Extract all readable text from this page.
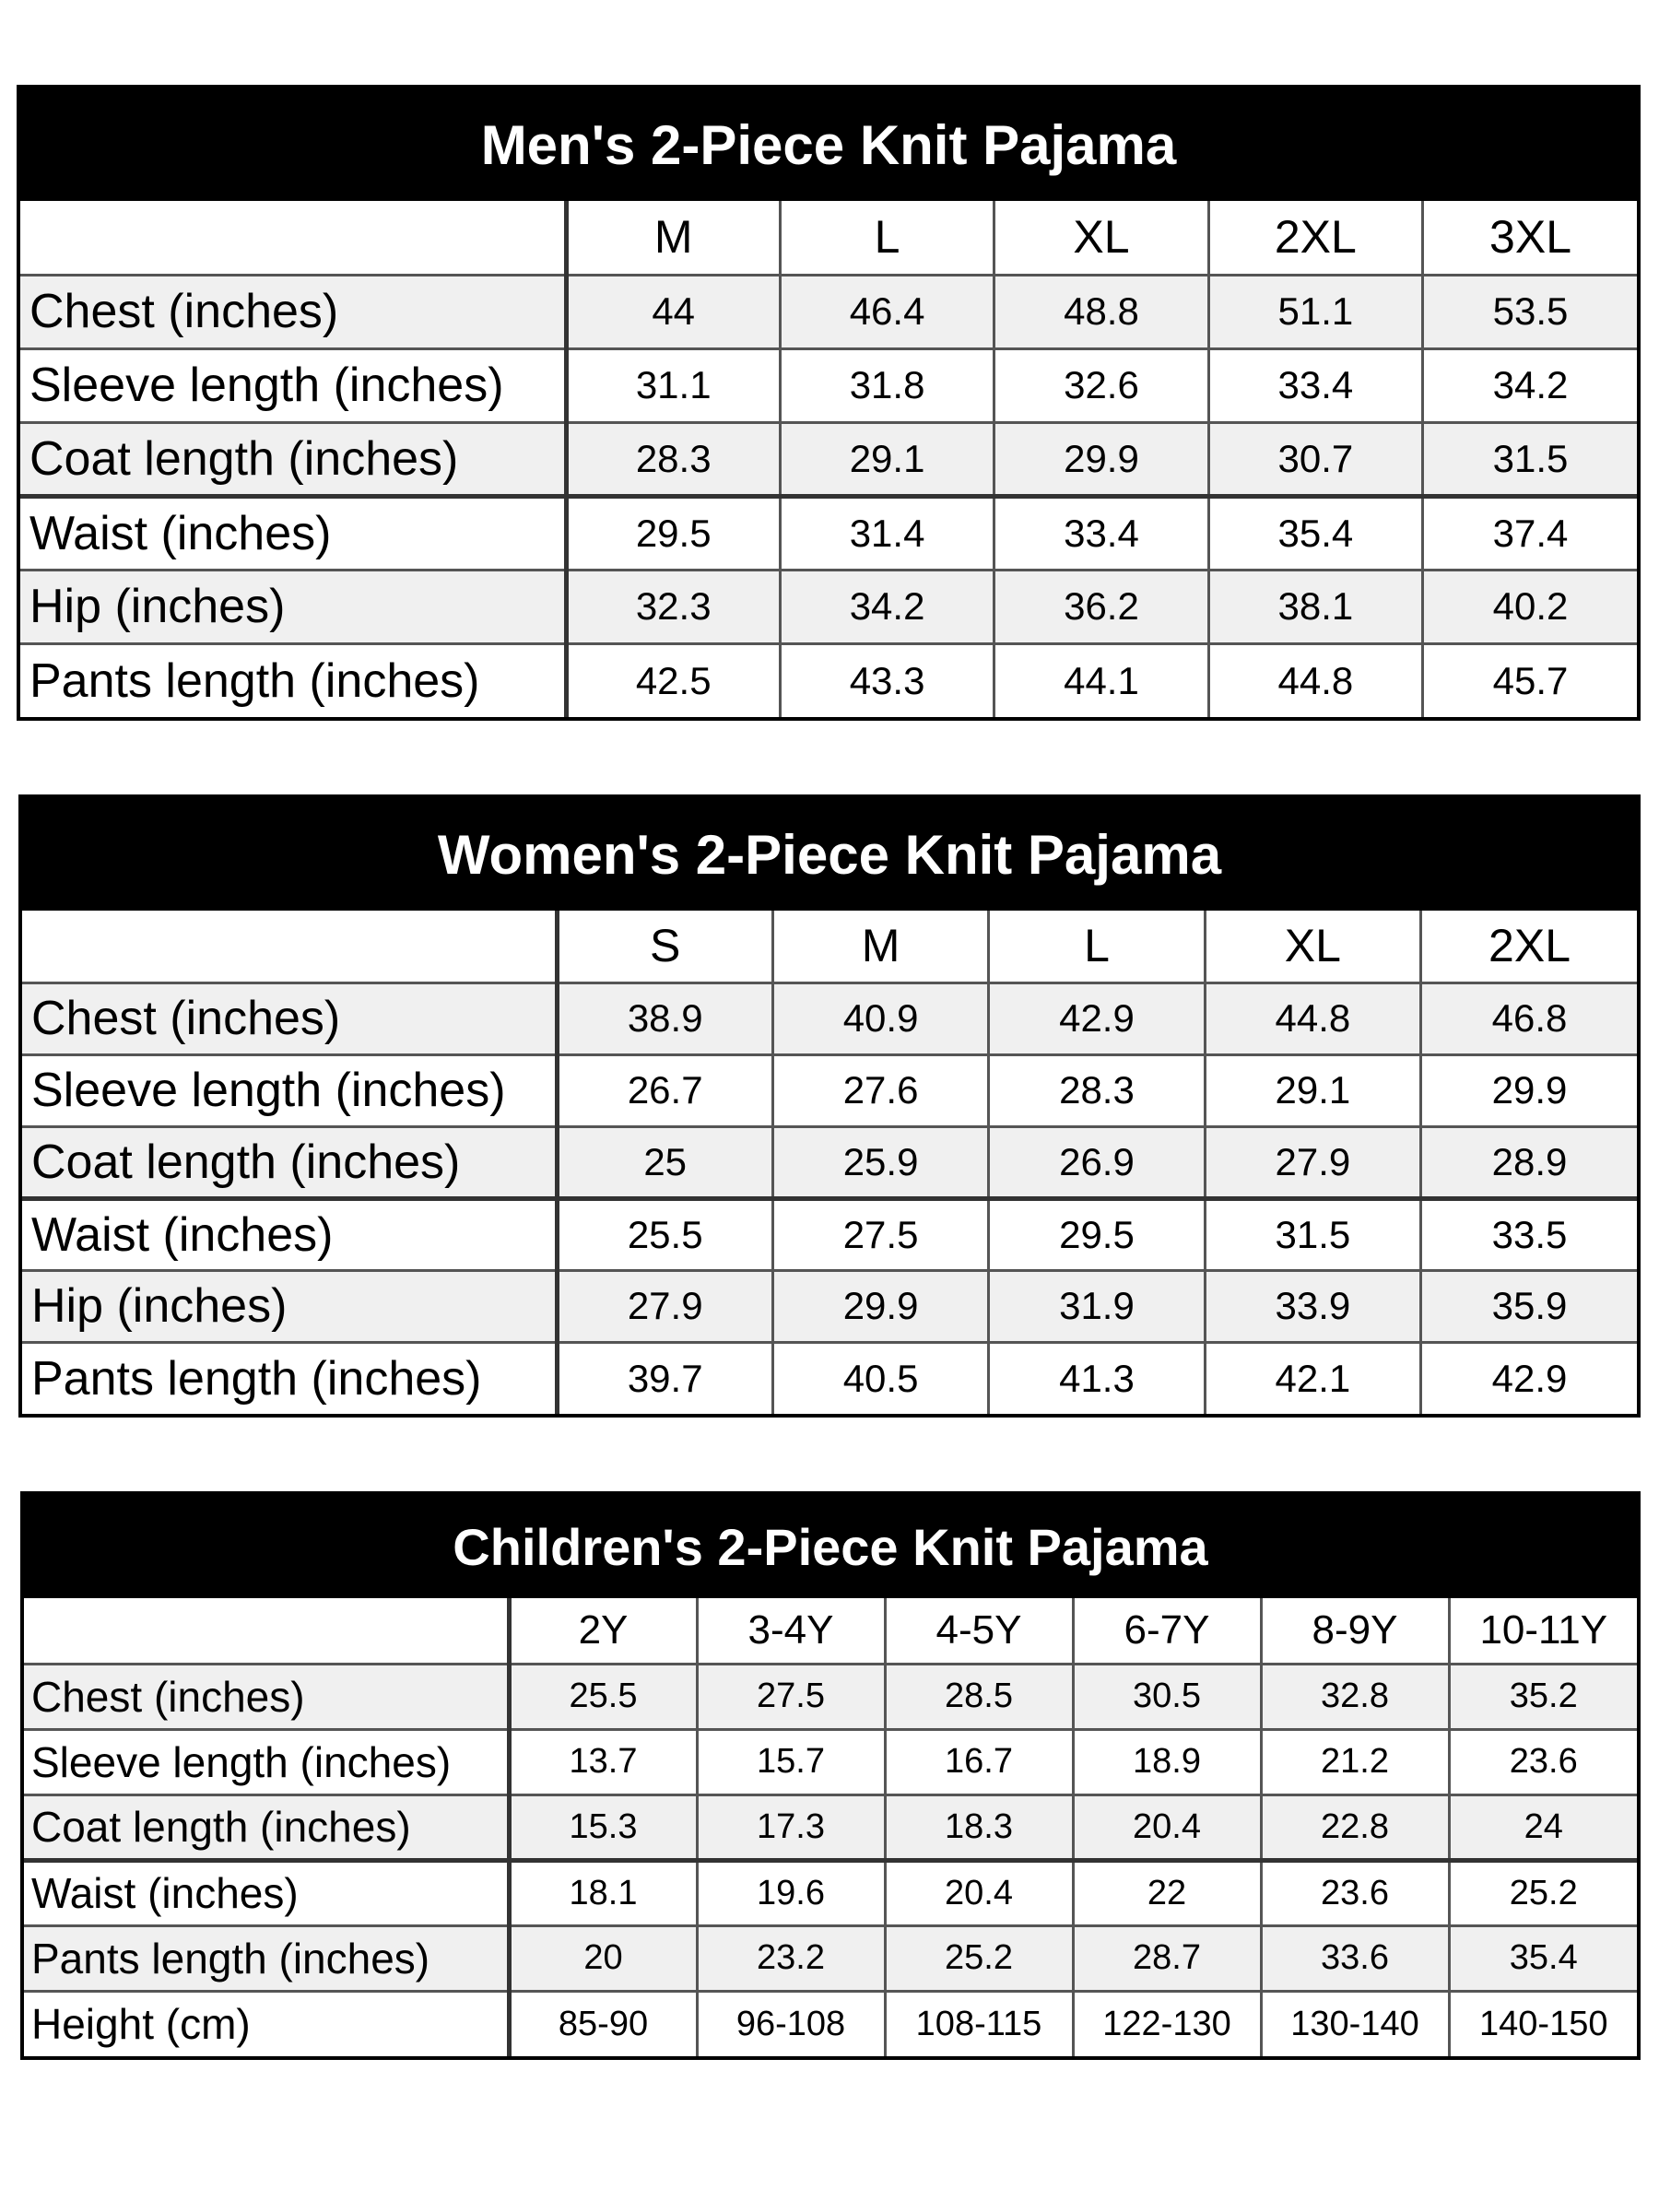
Men's 2-Piece Knit Pajama
	M	L	XL	2XL	3XL
Chest (inches)	44	46.4	48.8	51.1	53.5
Sleeve length (inches)	31.1	31.8	32.6	33.4	34.2
Coat length (inches)	28.3	29.1	29.9	30.7	31.5
Waist (inches)	29.5	31.4	33.4	35.4	37.4
Hip (inches)	32.3	34.2	36.2	38.1	40.2
Pants length (inches)	42.5	43.3	44.1	44.8	45.7
Women's 2-Piece Knit Pajama
	S	M	L	XL	2XL
Chest (inches)	38.9	40.9	42.9	44.8	46.8
Sleeve length (inches)	26.7	27.6	28.3	29.1	29.9
Coat length (inches)	25	25.9	26.9	27.9	28.9
Waist (inches)	25.5	27.5	29.5	31.5	33.5
Hip (inches)	27.9	29.9	31.9	33.9	35.9
Pants length (inches)	39.7	40.5	41.3	42.1	42.9
Children's 2-Piece Knit Pajama
	2Y	3-4Y	4-5Y	6-7Y	8-9Y	10-11Y
Chest (inches)	25.5	27.5	28.5	30.5	32.8	35.2
Sleeve length (inches)	13.7	15.7	16.7	18.9	21.2	23.6
Coat length (inches)	15.3	17.3	18.3	20.4	22.8	24
Waist (inches)	18.1	19.6	20.4	22	23.6	25.2
Pants length (inches)	20	23.2	25.2	28.7	33.6	35.4
Height (cm)	85-90	96-108	108-115	122-130	130-140	140-150
